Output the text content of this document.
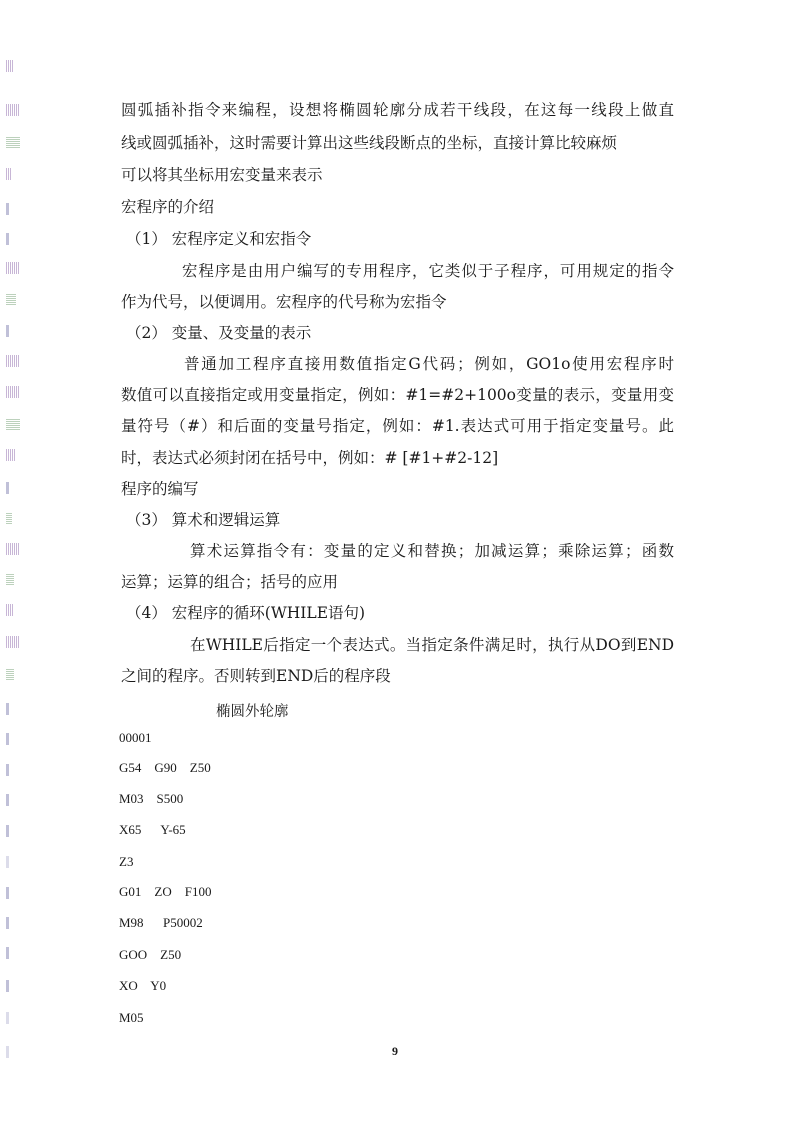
圆弧插补指令来编程，设想将椭圆轮廓分成若干线段，在这每一线段上做直
线或圆弧插补，这时需要计算出这些线段断点的坐标，直接计算比较麻烦
可以将其坐标用宏变量来表示
宏程序的介绍
（1） 宏程序定义和宏指令
宏程序是由用户编写的专用程序，它类似于子程序，可用规定的指令
作为代号，以便调用。宏程序的代号称为宏指令
（2） 变量、及变量的表示
普通加工程序直接用数值指定G代码；例如，GO1o使用宏程序时
数值可以直接指定或用变量指定，例如：#1=#2+100o变量的表示，变量用变
量符号（#）和后面的变量号指定，例如：#1.表达式可用于指定变量号。此
时，表达式必须封闭在括号中，例如：# [#1+#2-12]
程序的编写
（3） 算术和逻辑运算
算术运算指令有：变量的定义和替换；加减运算；乘除运算；函数
运算；运算的组合；括号的应用
（4） 宏程序的循环(WHILE语句)
在WHILE后指定一个表达式。当指定条件满足时，执行从DO到END
之间的程序。否则转到END后的程序段
椭圆外轮廓
00001
G54    G90    Z50
M03    S500
X65      Y-65
Z3
G01    ZO    F100
M98      P50002
GOO    Z50
XO    Y0
M05
9
